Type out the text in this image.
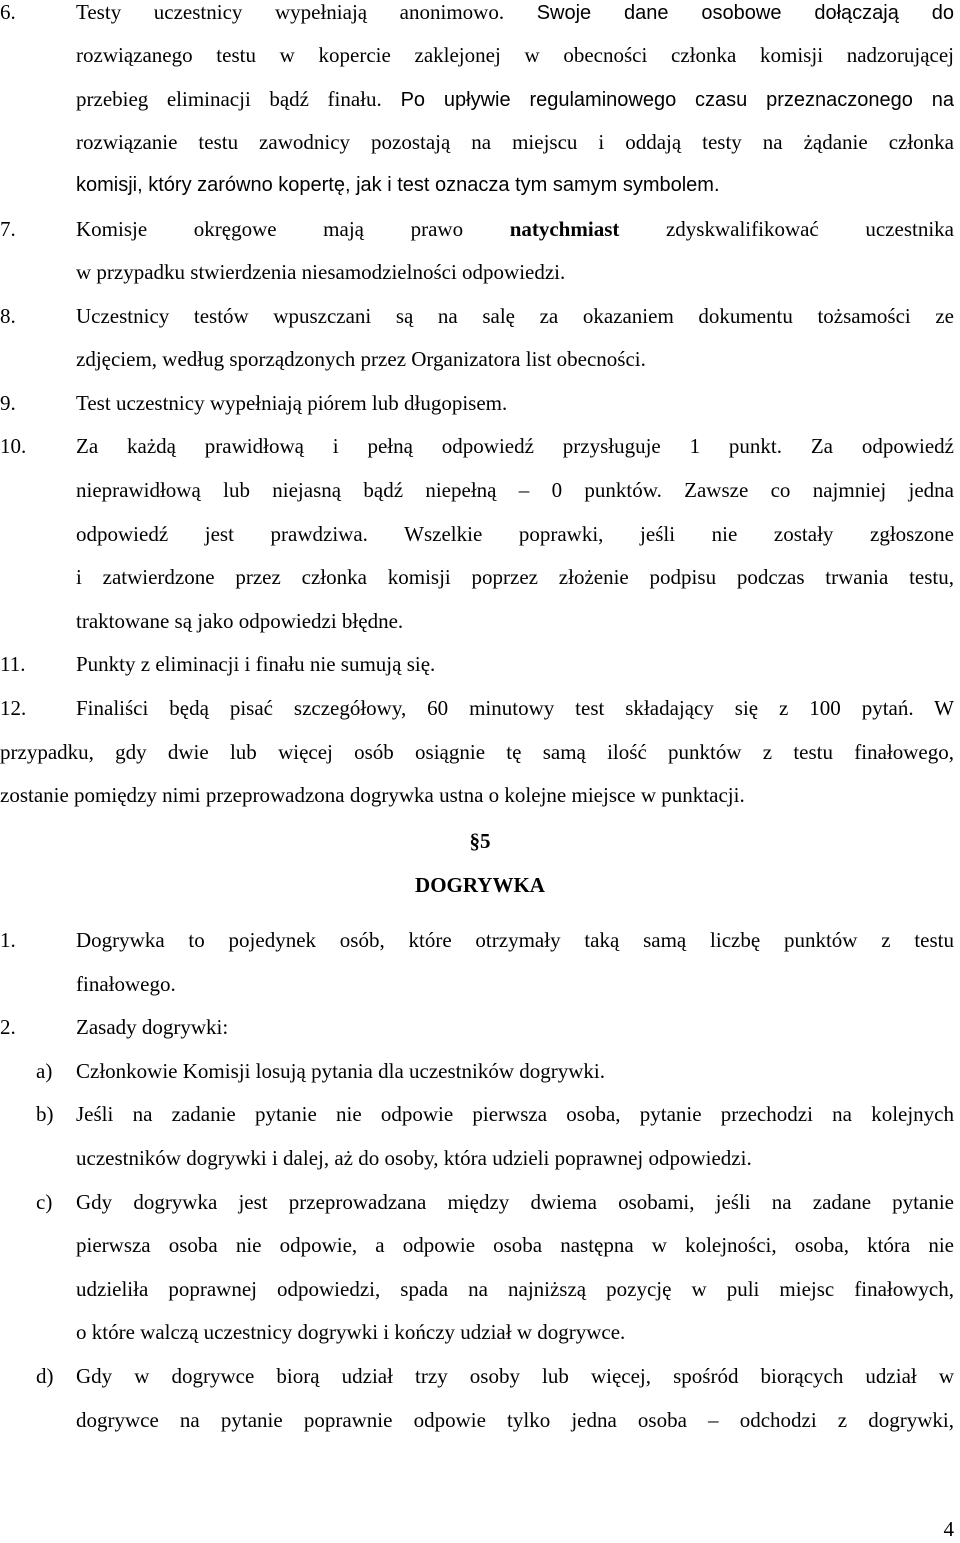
6.	Testy uczestnicy wypełniają anonimowo. Swoje dane osobowe dołączają do
rozwiązanego testu w kopercie zaklejonej w obecności członka komisji nadzorującej
przebieg eliminacji bądź finału. Po upływie regulaminowego czasu przeznaczonego na
rozwiązanie testu zawodnicy pozostają na miejscu i oddają testy na żądanie członka
komisji, który zarówno kopertę, jak i test oznacza tym samym symbolem.
7.	Komisje okręgowe mają prawo natychmiast zdyskwalifikować uczestnika
w przypadku stwierdzenia niesamodzielności odpowiedzi.
8.	Uczestnicy testów wpuszczani są na salę za okazaniem dokumentu tożsamości ze
zdjęciem, według sporządzonych przez Organizatora list obecności.
9.	Test uczestnicy wypełniają piórem lub długopisem.
10. Za każdą prawidłową i pełną odpowiedź przysługuje 1 punkt. Za odpowiedź
nieprawidłową lub niejasną bądź niepełną – 0 punktów. Zawsze co najmniej jedna
odpowiedź jest prawdziwa. Wszelkie poprawki, jeśli nie zostały zgłoszone
i zatwierdzone przez członka komisji poprzez złożenie podpisu podczas trwania testu,
traktowane są jako odpowiedzi błędne.
11. Punkty z eliminacji i finału nie sumują się.
12. Finaliści będą pisać szczegółowy, 60 minutowy test składający się z 100 pytań. W
przypadku, gdy dwie lub więcej osób osiągnie tę samą ilość punktów z testu finałowego,
zostanie pomiędzy nimi przeprowadzona dogrywka ustna o kolejne miejsce w punktacji.
§5
DOGRYWKA
1.	Dogrywka to pojedynek osób, które otrzymały taką samą liczbę punktów z testu
finałowego.
2.	Zasady dogrywki:
a) Członkowie Komisji losują pytania dla uczestników dogrywki.
b) Jeśli na zadanie pytanie nie odpowie pierwsza osoba, pytanie przechodzi na kolejnych
uczestników dogrywki i dalej, aż do osoby, która udzieli poprawnej odpowiedzi.
c) Gdy dogrywka jest przeprowadzana między dwiema osobami, jeśli na zadane pytanie
pierwsza osoba nie odpowie, a odpowie osoba następna w kolejności, osoba, która nie
udzieliła poprawnej odpowiedzi, spada na najniższą pozycję w puli miejsc finałowych,
o które walczą uczestnicy dogrywki i kończy udział w dogrywce.
d) Gdy w dogrywce biorą udział trzy osoby lub więcej, spośród biorących udział w
dogrywce na pytanie poprawnie odpowie tylko jedna osoba – odchodzi z dogrywki,
4
